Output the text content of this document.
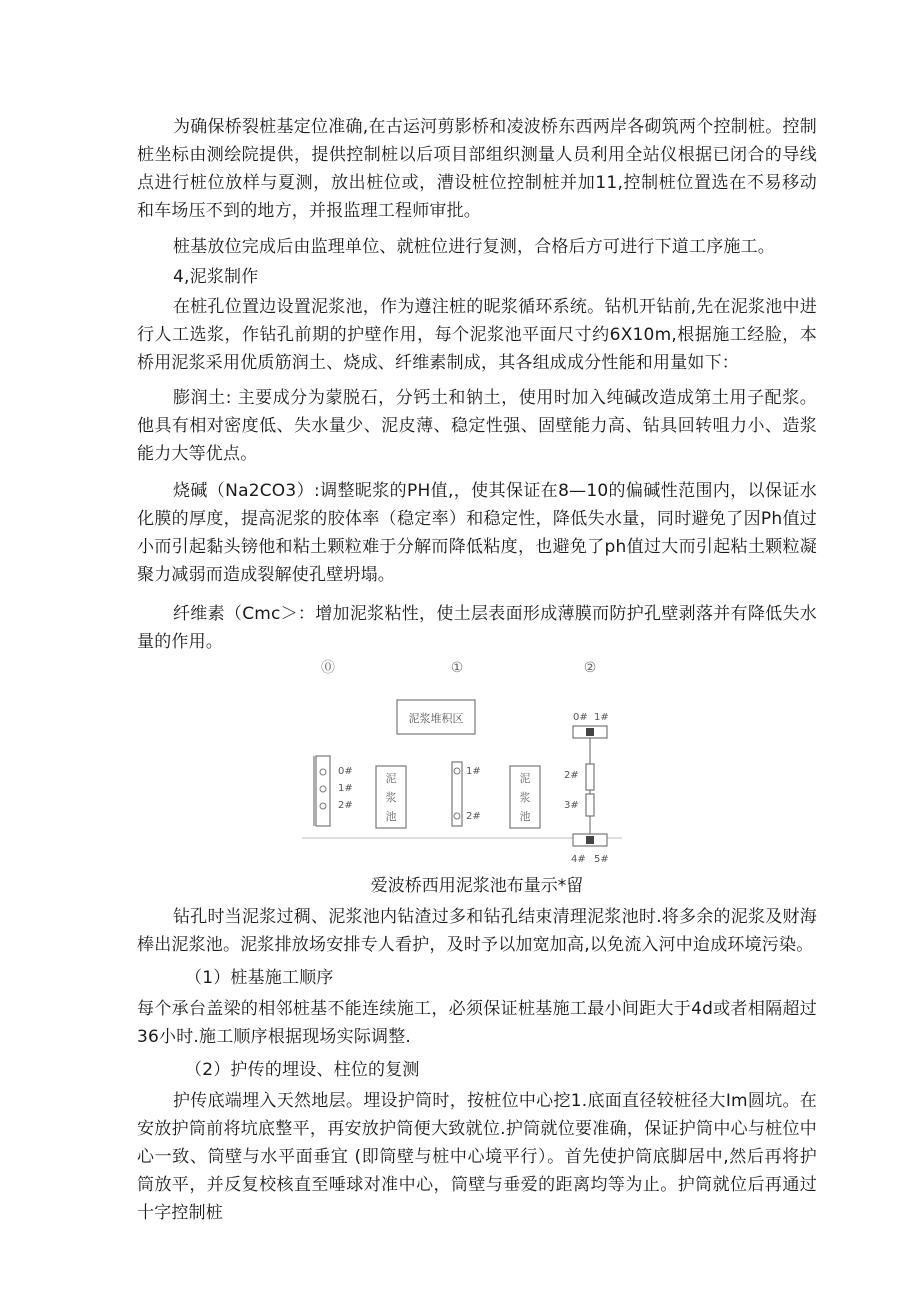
为确保桥裂桩基定位准确,在古运河剪影桥和凌波桥东西两岸各砌筑两个控制桩。控制桩坐标由测绘院提供，提供控制桩以后项目部组织测量人员利用全站仪根据已闭合的导线点进行桩位放样与夏测，放出桩位或，漕设桩位控制桩并加11,控制桩位置选在不易移动和车场压不到的地方，并报监理工程师审批。

桩基放位完成后由监理单位、就桩位进行复测，合格后方可进行下道工序施工。

4,泥浆制作

在桩孔位置边设置泥浆池，作为遵注桩的昵浆循环系统。钻机开钻前,先在泥浆池中进行人工选浆，作钻孔前期的护壁作用，每个泥浆池平面尺寸约6X10m,根据施工经脸，本桥用泥浆采用优质筋润土、烧成、纤维素制成，其各组成成分性能和用量如下：

膨润土: 主要成分为蒙脱石，分钙土和钠土，使用时加入纯碱改造成第土用子配浆。他具有相对密度低、失水量少、泥皮薄、稳定性强、固壁能力高、钻具回转咀力小、造浆能力大等优点。

烧碱（Na2CO3）:调整昵浆的PH值,，使其保证在8—10的偏碱性范围内，以保证水化膜的厚度，提高泥浆的胶体率（稳定率）和稳定性，降低失水量，同时避免了因Ph值过小而引起黏头镑他和粘土颗粒难于分解而降低粘度，也避免了ph值过大而引起粘土颗粒凝聚力减弱而造成裂解使孔壁坍塌。

纤维素（Cmc＞：增加泥浆粘性，使土层表面形成薄膜而防护孔壁剥落并有降低失水量的作用。

⓪	①	②
泥浆堆积区
0#
1#
2#
泥
浆
池
1#
2#
泥
浆
池
0# 1#
2#
3#
4# 5#
爱波桥西用泥浆池布量示*留

钻孔时当泥浆过稠、泥浆池内钻渣过多和钻孔结束清理泥浆池时.将多余的泥浆及财海棒出泥浆池。泥浆排放场安排专人看护，及时予以加宽加高,以免流入河中迨成环境污染。

（1）桩基施工顺序

每个承台盖梁的相邻桩基不能连续施工，必须保证桩基施工最小间距大于4d或者相隔超过36小时.施工顺序根据现场实际调整.

（2）护传的埋设、柱位的复测

护传底端埋入天然地层。埋设护筒时，按桩位中心挖1.底面直径较桩径大Im圆坑。在安放护筒前将坑底整平，再安放护筒便大致就位.护筒就位要准确，保证护筒中心与桩位中心一致、筒壁与水平面垂宜 (即筒壁与桩中心境平行）。首先使护筒底脚居中,然后再将护筒放平，并反复校核直至唾球对准中心，筒壁与垂爱的距离均等为止。护筒就位后再通过十字控制桩
